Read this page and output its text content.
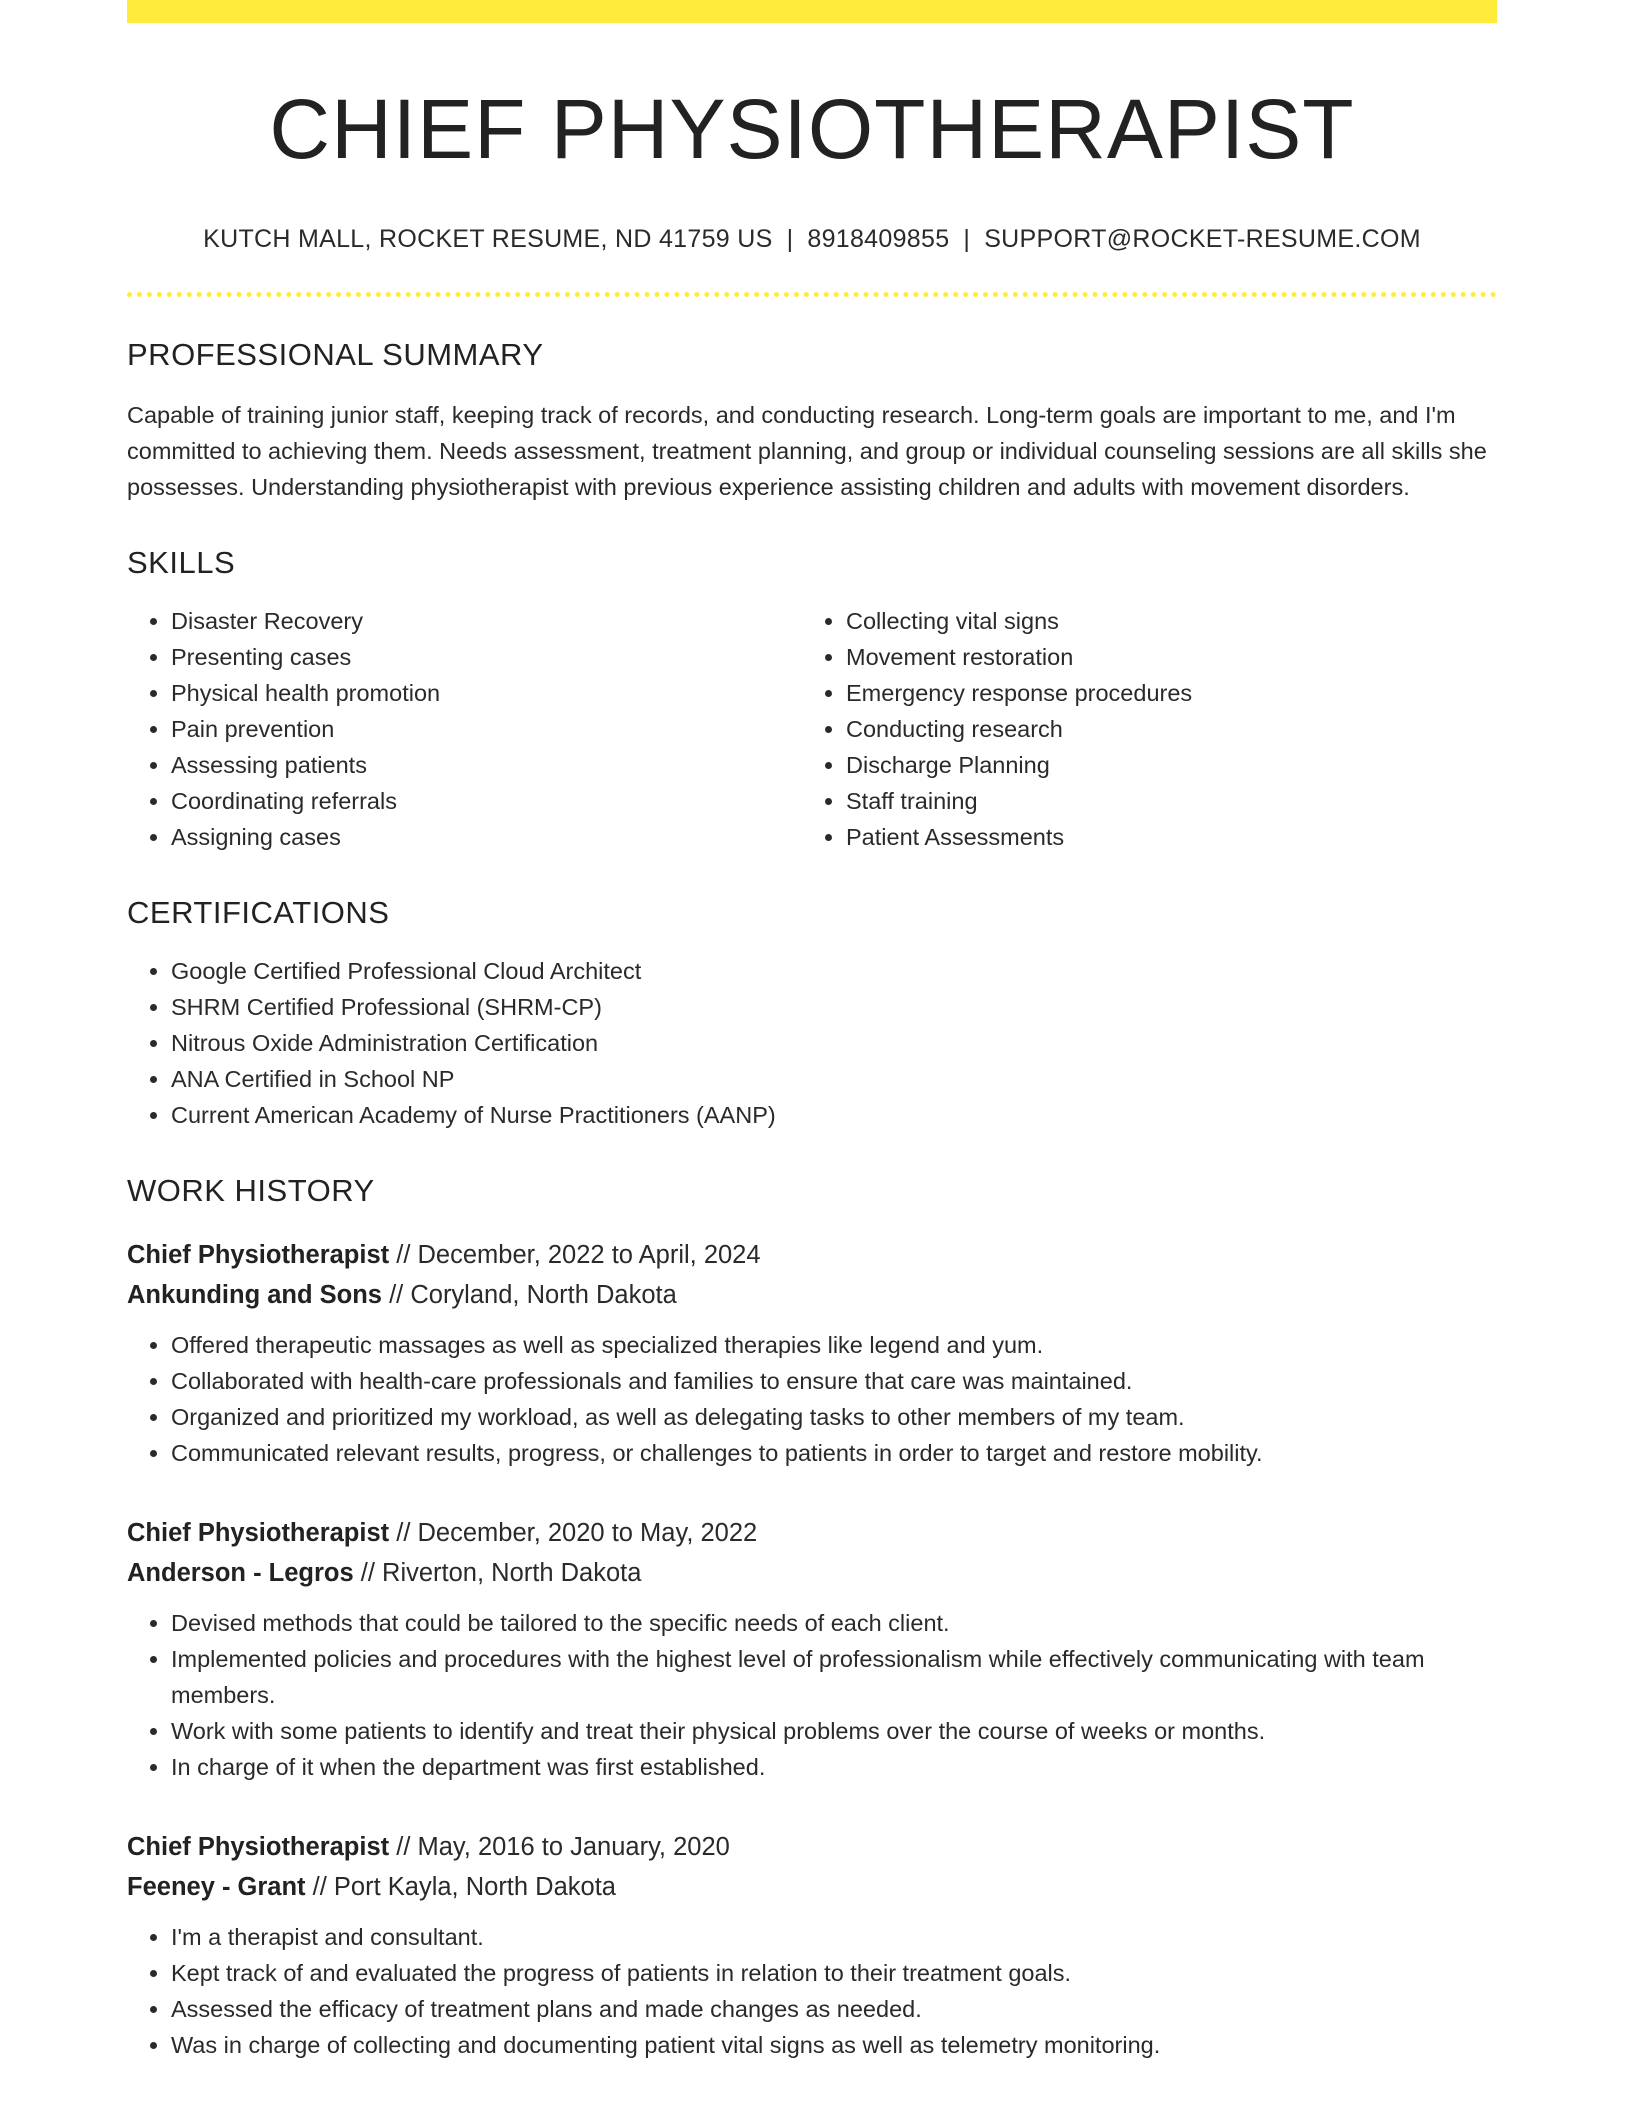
CHIEF PHYSIOTHERAPIST
KUTCH MALL, ROCKET RESUME, ND 41759 US | 8918409855 | SUPPORT@ROCKET-RESUME.COM
PROFESSIONAL SUMMARY
Capable of training junior staff, keeping track of records, and conducting research. Long-term goals are important to me, and I'm committed to achieving them. Needs assessment, treatment planning, and group or individual counseling sessions are all skills she possesses. Understanding physiotherapist with previous experience assisting children and adults with movement disorders.
SKILLS
• Disaster Recovery
• Presenting cases
• Physical health promotion
• Pain prevention
• Assessing patients
• Coordinating referrals
• Assigning cases
• Collecting vital signs
• Movement restoration
• Emergency response procedures
• Conducting research
• Discharge Planning
• Staff training
• Patient Assessments
CERTIFICATIONS
• Google Certified Professional Cloud Architect
• SHRM Certified Professional (SHRM-CP)
• Nitrous Oxide Administration Certification
• ANA Certified in School NP
• Current American Academy of Nurse Practitioners (AANP)
WORK HISTORY
Chief Physiotherapist // December, 2022 to April, 2024
Ankunding and Sons // Coryland, North Dakota
• Offered therapeutic massages as well as specialized therapies like legend and yum.
• Collaborated with health-care professionals and families to ensure that care was maintained.
• Organized and prioritized my workload, as well as delegating tasks to other members of my team.
• Communicated relevant results, progress, or challenges to patients in order to target and restore mobility.
Chief Physiotherapist // December, 2020 to May, 2022
Anderson - Legros // Riverton, North Dakota
• Devised methods that could be tailored to the specific needs of each client.
• Implemented policies and procedures with the highest level of professionalism while effectively communicating with team members.
• Work with some patients to identify and treat their physical problems over the course of weeks or months.
• In charge of it when the department was first established.
Chief Physiotherapist // May, 2016 to January, 2020
Feeney - Grant // Port Kayla, North Dakota
• I'm a therapist and consultant.
• Kept track of and evaluated the progress of patients in relation to their treatment goals.
• Assessed the efficacy of treatment plans and made changes as needed.
• Was in charge of collecting and documenting patient vital signs as well as telemetry monitoring.
